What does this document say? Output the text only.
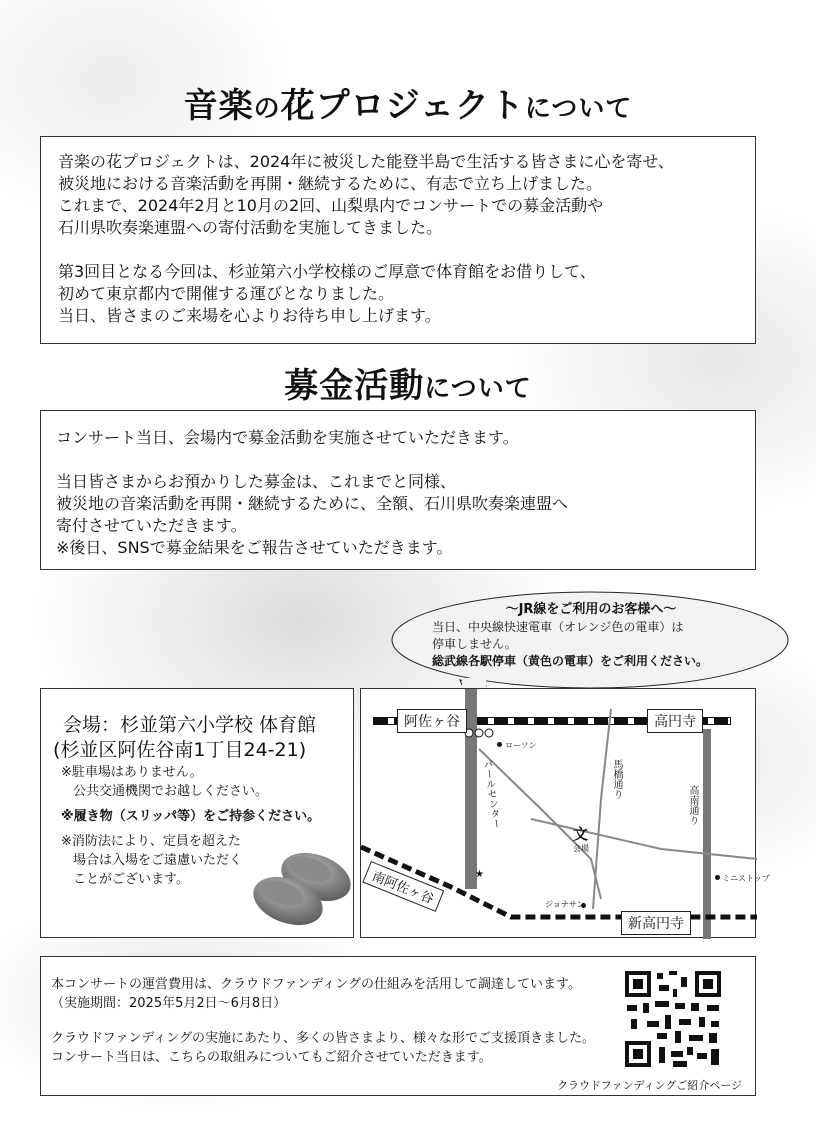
音楽の花プロジェクトについて
音楽の花プロジェクトは、2024年に被災した能登半島で生活する皆さまに心を寄せ、
被災地における音楽活動を再開・継続するために、有志で立ち上げました。
これまで、2024年2月と10月の2回、山梨県内でコンサートでの募金活動や
石川県吹奏楽連盟への寄付活動を実施してきました。
第3回目となる今回は、杉並第六小学校様のご厚意で体育館をお借りして、
初めて東京都内で開催する運びとなりました。
当日、皆さまのご来場を心よりお待ち申し上げます。
募金活動について
コンサート当日、会場内で募金活動を実施させていただきます。
当日皆さまからお預かりした募金は、これまでと同様、
被災地の音楽活動を再開・継続するために、全額、石川県吹奏楽連盟へ
寄付させていただきます。
※後日、SNSで募金結果をご報告させていただきます。
～JR線をご利用のお客様へ～
当日、中央線快速電車（オレンジ色の電車）は
停車しません。
総武線各駅停車（黄色の電車）をご利用ください。
会場：杉並第六小学校 体育館
(杉並区阿佐谷南1丁目24-21)
※駐車場はありません。
公共交通機関でお越しください。
※履き物（スリッパ等）をご持参ください。
※消防法により、定員を超えた
場合は入場をご遠慮いただく
ことがございます。
阿佐ヶ谷	高円寺
南阿佐ヶ谷
新高円寺
ローソン
パールセンター	馬橋通り
高南通り
文
会場
★
ジョナサン
ミニストップ
本コンサートの運営費用は、クラウドファンディングの仕組みを活用して調達しています。
（実施期間：2025年5月2日～6月8日）
クラウドファンディングの実施にあたり、多くの皆さまより、様々な形でご支援頂きました。
コンサート当日は、こちらの取組みについてもご紹介させていただきます。
クラウドファンディングご紹介ページ
